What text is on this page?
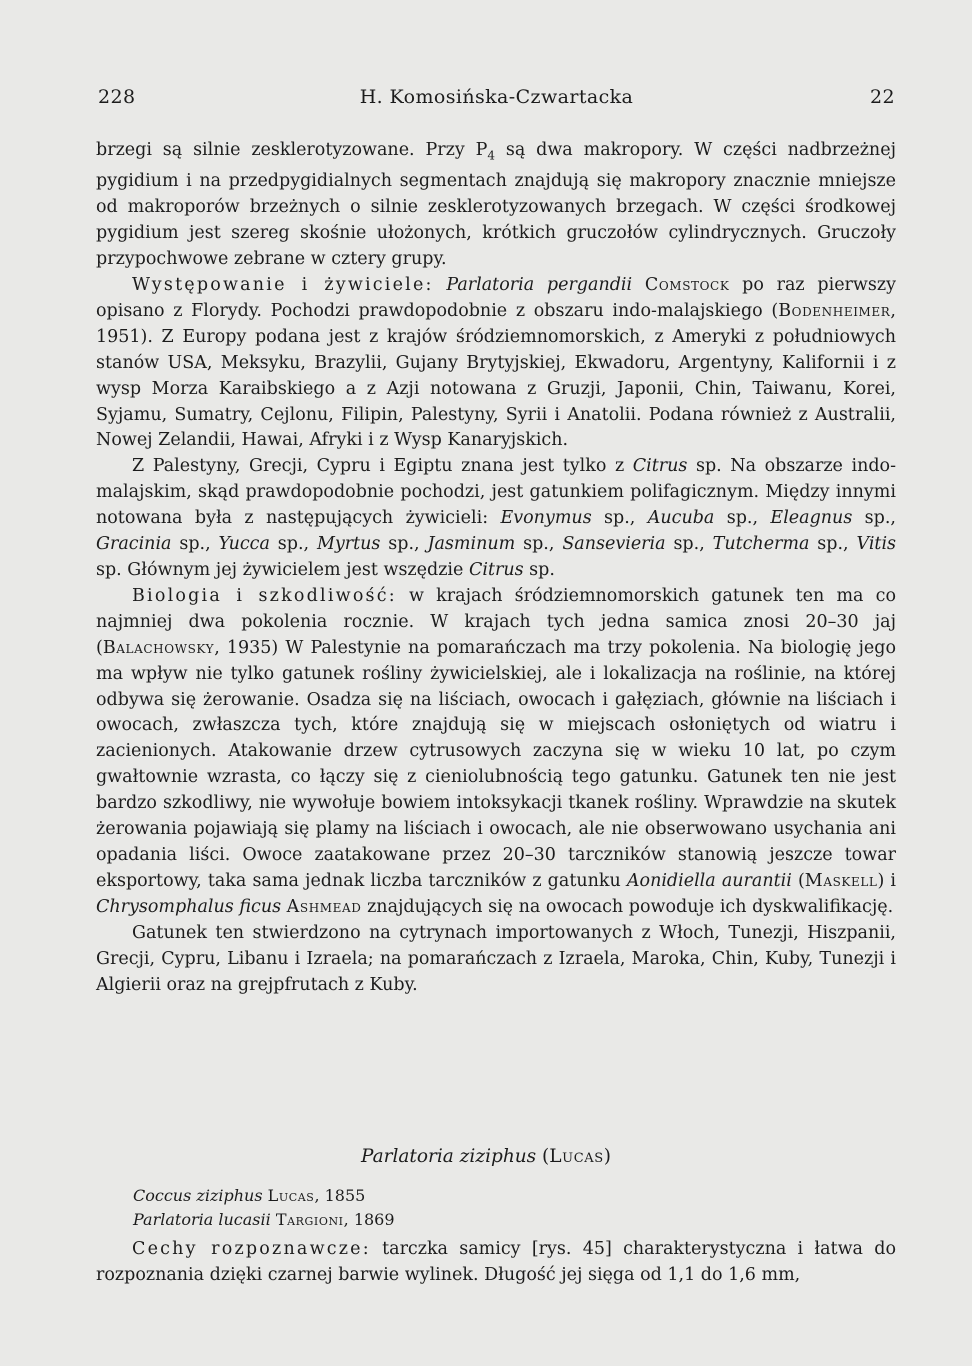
228	H. Komosińska-Czwartacka	22

brzegi są silnie zesklerotyzowane. Przy $P_4$ są dwa makropory. W części nadbrzeżnej pygidium i na przedpygidialnych segmentach znajdują się makropory znacznie mniejsze od makroporów brzeżnych o silnie zesklerotyzowanych brzegach. W części środkowej pygidium jest szereg skośnie ułożonych, krótkich gruczołów cylindrycznych. Gruczoły przypochwowe zebrane w cztery grupy.

Występowanie i żywiciele: Parlatoria pergandii Comstock po raz pierwszy opisano z Florydy. Pochodzi prawdopodobnie z obszaru indo-malajskiego (Bodenheimer, 1951). Z Europy podana jest z krajów śródziemnomorskich, z Ameryki z południowych stanów USA, Meksyku, Brazylii, Gujany Brytyjskiej, Ekwadoru, Argentyny, Kalifornii i z wysp Morza Karaibskiego a z Azji notowana z Gruzji, Japonii, Chin, Taiwanu, Korei, Syjamu, Sumatry, Cejlonu, Filipin, Palestyny, Syrii i Anatolii. Podana również z Australii, Nowej Zelandii, Hawai, Afryki i z Wysp Kanaryjskich.

Z Palestyny, Grecji, Cypru i Egiptu znana jest tylko z Citrus sp. Na obszarze indo-malajskim, skąd prawdopodobnie pochodzi, jest gatunkiem polifagicznym. Między innymi notowana była z następujących żywicieli: Evonymus sp., Aucuba sp., Eleagnus sp., Gracinia sp., Yucca sp., Myrtus sp., Jasminum sp., Sansevieria sp., Tutcherma sp., Vitis sp. Głównym jej żywicielem jest wszędzie Citrus sp.

Biologia i szkodliwość: w krajach śródziemnomorskich gatunek ten ma co najmniej dwa pokolenia rocznie. W krajach tych jedna samica znosi 20–30 jaj (Balachowsky, 1935) W Palestynie na pomarańczach ma trzy pokolenia. Na biologię jego ma wpływ nie tylko gatunek rośliny żywicielskiej, ale i lokalizacja na roślinie, na której odbywa się żerowanie. Osadza się na liściach, owocach i gałęziach, głównie na liściach i owocach, zwłaszcza tych, które znajdują się w miejscach osłoniętych od wiatru i zacienionych. Atakowanie drzew cytrusowych zaczyna się w wieku 10 lat, po czym gwałtownie wzrasta, co łączy się z cieniolubnością tego gatunku. Gatunek ten nie jest bardzo szkodliwy, nie wywołuje bowiem intoksykacji tkanek rośliny. Wprawdzie na skutek żerowania pojawiają się plamy na liściach i owocach, ale nie obserwowano usychania ani opadania liści. Owoce zaatakowane przez 20–30 tarczników stanowią jeszcze towar eksportowy, taka sama jednak liczba tarczników z gatunku Aonidiella aurantii (Maskell) i Chrysomphalus ficus Ashmead znajdujących się na owocach powoduje ich dyskwalifikację.

Gatunek ten stwierdzono na cytrynach importowanych z Włoch, Tunezji, Hiszpanii, Grecji, Cypru, Libanu i Izraela; na pomarańczach z Izraela, Maroka, Chin, Kuby, Tunezji i Algierii oraz na grejpfrutach z Kuby.

Parlatoria ziziphus (Lucas)
Coccus ziziphus Lucas, 1855
Parlatoria lucasii Targioni, 1869

Cechy rozpoznawcze: tarczka samicy [rys. 45] charakterystyczna i łatwa do rozpoznania dzięki czarnej barwie wylinek. Długość jej sięga od 1,1 do 1,6 mm,
